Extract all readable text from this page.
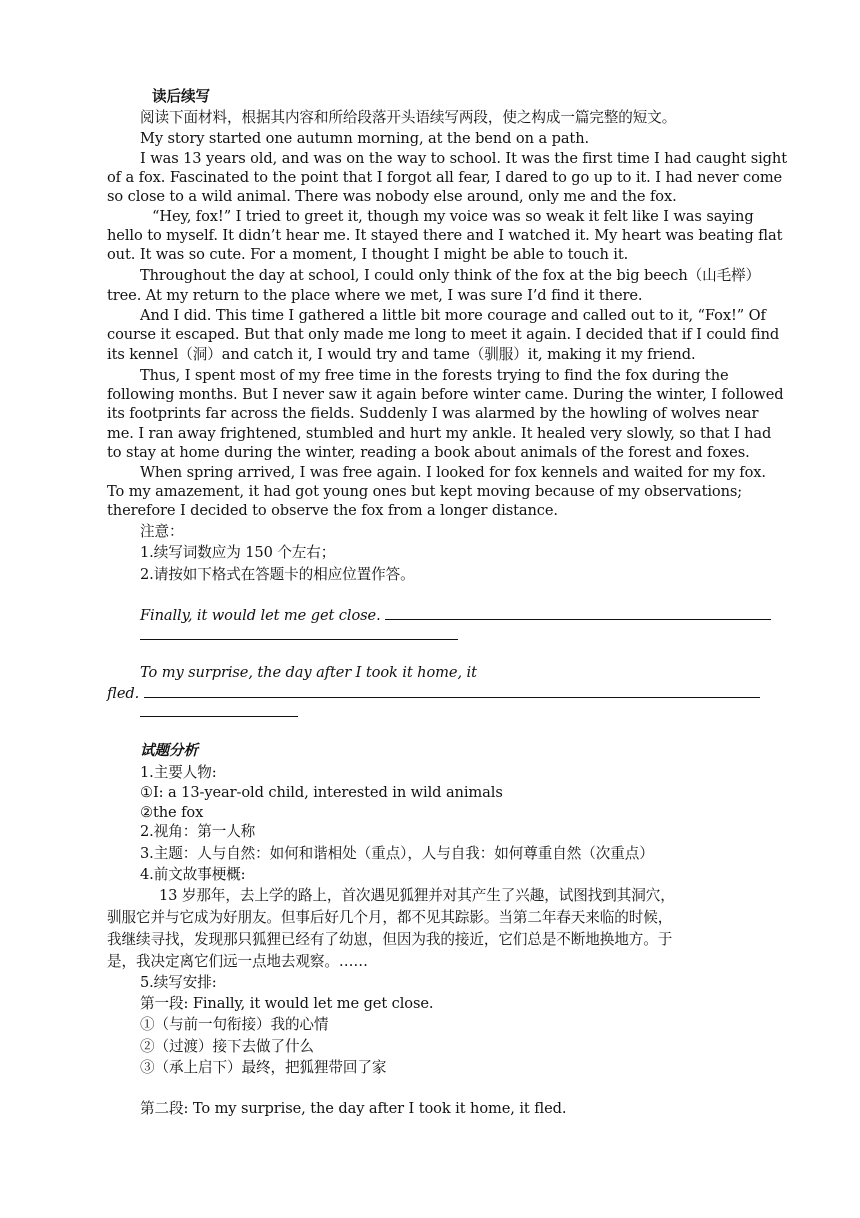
读后续写
阅读下面材料，根据其内容和所给段落开头语续写两段，使之构成一篇完整的短文。
My story started one autumn morning, at the bend on a path.
I was 13 years old, and was on the way to school. It was the first time I had caught sight
of a fox. Fascinated to the point that I forgot all fear, I dared to go up to it. I had never come
so close to a wild animal. There was nobody else around, only me and the fox.
“Hey, fox!” I tried to greet it, though my voice was so weak it felt like I was saying
hello to myself. It didn’t hear me. It stayed there and I watched it. My heart was beating flat
out. It was so cute. For a moment, I thought I might be able to touch it.
Throughout the day at school, I could only think of the fox at the big beech（山毛榉）
tree. At my return to the place where we met, I was sure I’d find it there.
And I did. This time I gathered a little bit more courage and called out to it, “Fox!” Of
course it escaped. But that only made me long to meet it again. I decided that if I could find
its kennel（洞）and catch it, I would try and tame（驯服）it, making it my friend.
Thus, I spent most of my free time in the forests trying to find the fox during the
following months. But I never saw it again before winter came. During the winter, I followed
its footprints far across the fields. Suddenly I was alarmed by the howling of wolves near
me. I ran away frightened, stumbled and hurt my ankle. It healed very slowly, so that I had
to stay at home during the winter, reading a book about animals of the forest and foxes.
When spring arrived, I was free again. I looked for fox kennels and waited for my fox.
To my amazement, it had got young ones but kept moving because of my observations;
therefore I decided to observe the fox from a longer distance.
注意：
1.续写词数应为 150 个左右；
2.请按如下格式在答题卡的相应位置作答。
Finally, it would let me get close.
To my surprise, the day after I took it home, it
fled.
试题分析
1.主要人物:
①I: a 13-year-old child, interested in wild animals
②the fox
2.视角：第一人称
3.主题：人与自然：如何和谐相处（重点），人与自我：如何尊重自然（次重点）
4.前文故事梗概:
13 岁那年，去上学的路上，首次遇见狐狸并对其产生了兴趣，试图找到其洞穴，
驯服它并与它成为好朋友。但事后好几个月，都不见其踪影。当第二年春天来临的时候，
我继续寻找，发现那只狐狸已经有了幼崽，但因为我的接近，它们总是不断地换地方。于
是，我决定离它们远一点地去观察。……
5.续写安排:
第一段: Finally, it would let me get close.
①（与前一句衔接）我的心情
②（过渡）接下去做了什么
③（承上启下）最终，把狐狸带回了家
第二段: To my surprise, the day after I took it home, it fled.
